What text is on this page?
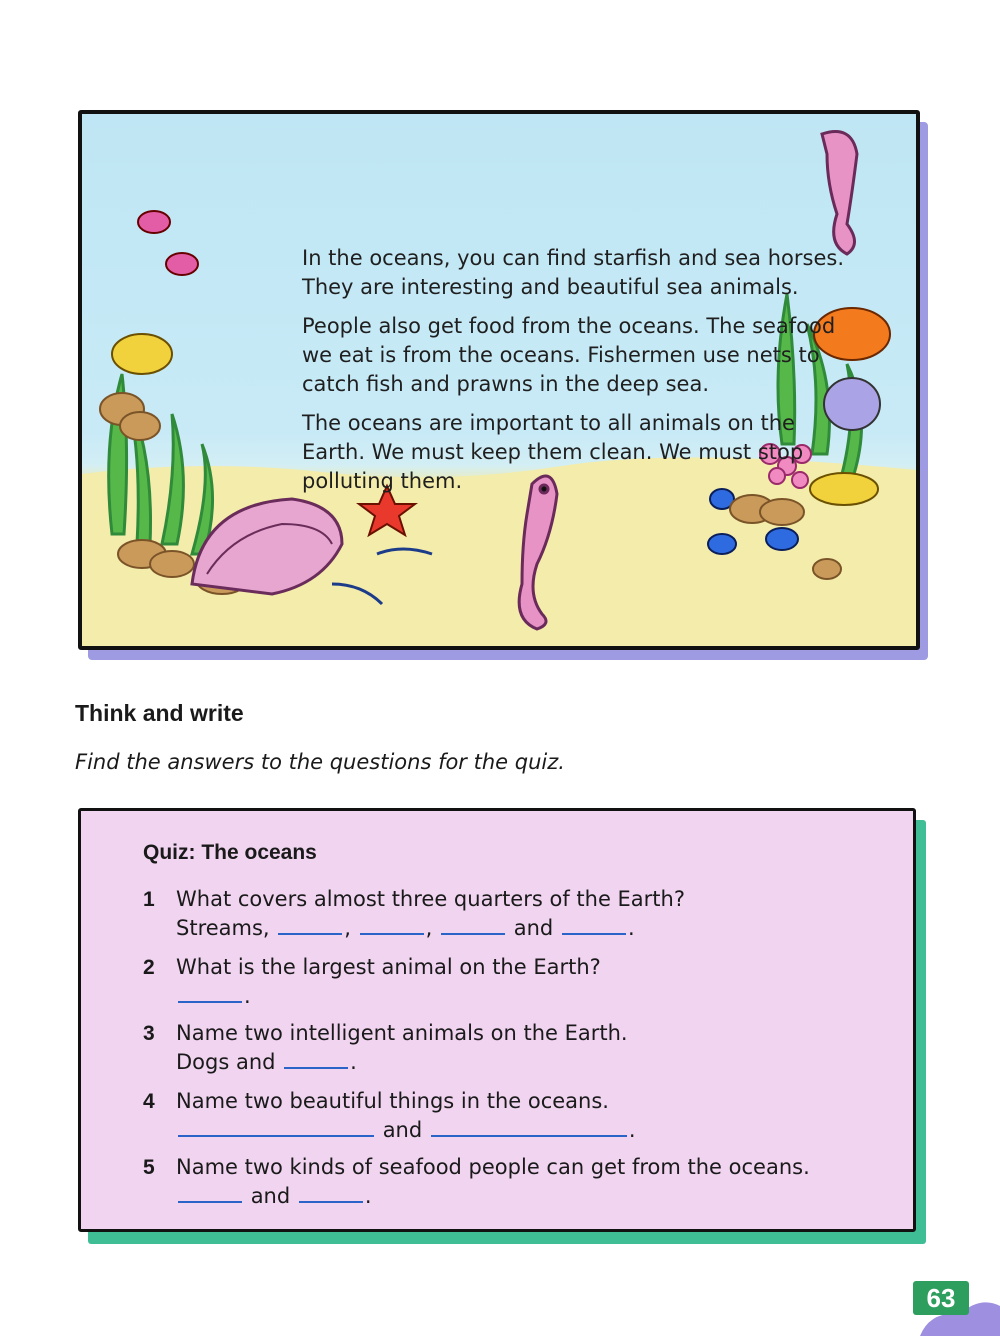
In the oceans, you can find starfish and sea horses. They are interesting and beautiful sea animals.

People also get food from the oceans. The seafood we eat is from the oceans. Fishermen use nets to catch fish and prawns in the deep sea.

The oceans are important to all animals on the Earth. We must keep them clean. We must stop polluting them.

Think and write
Find the answers to the questions for the quiz.
Quiz: The oceans
1 What covers almost three quarters of the Earth?
Streams,	,	,	and	.
2 What is the largest animal on the Earth?
.
3 Name two intelligent animals on the Earth.
Dogs and	.
4 Name two beautiful things in the oceans.
and	.
5 Name two kinds of seafood people can get from the oceans.
and	.
63
